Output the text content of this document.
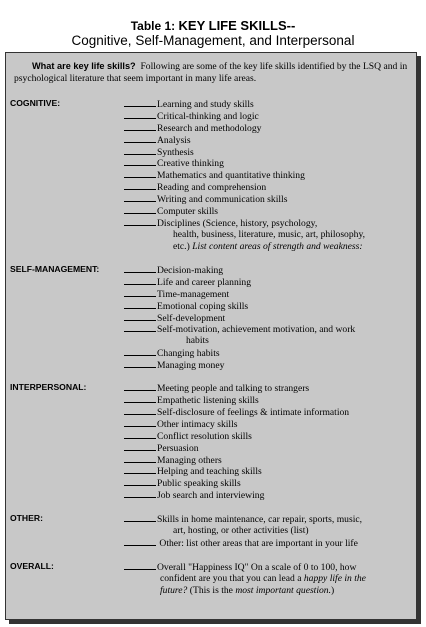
Table 1: KEY LIFE SKILLS--
Cognitive, Self-Management, and Interpersonal
What are key life skills? Following are some of the key life skills identified by the LSQ and in psychological literature that seem important in many life areas.
COGNITIVE:	Learning and study skills
Critical-thinking and logic
Research and methodology
Analysis
Synthesis
Creative thinking
Mathematics and quantitative thinking
Reading and comprehension
Writing and communication skills
Computer skills
Disciplines (Science, history, psychology,
health, business, literature, music, art, philosophy,
etc.) List content areas of strength and weakness:
SELF-MANAGEMENT:	Decision-making
Life and career planning
Time-management
Emotional coping skills
Self-development
Self-motivation, achievement motivation, and work
habits
Changing habits
Managing money
INTERPERSONAL:	Meeting people and talking to strangers
Empathetic listening skills
Self-disclosure of feelings & intimate information
Other intimacy skills
Conflict resolution skills
Persuasion
Managing others
Helping and teaching skills
Public speaking skills
Job search and interviewing
OTHER:	Skills in home maintenance, car repair, sports, music,
art, hosting, or other activities (list)
Other: list other areas that are important in your life
OVERALL:	Overall "Happiness IQ" On a scale of 0 to 100, how
confident are you that you can lead a happy life in the
future? (This is the most important question.)
